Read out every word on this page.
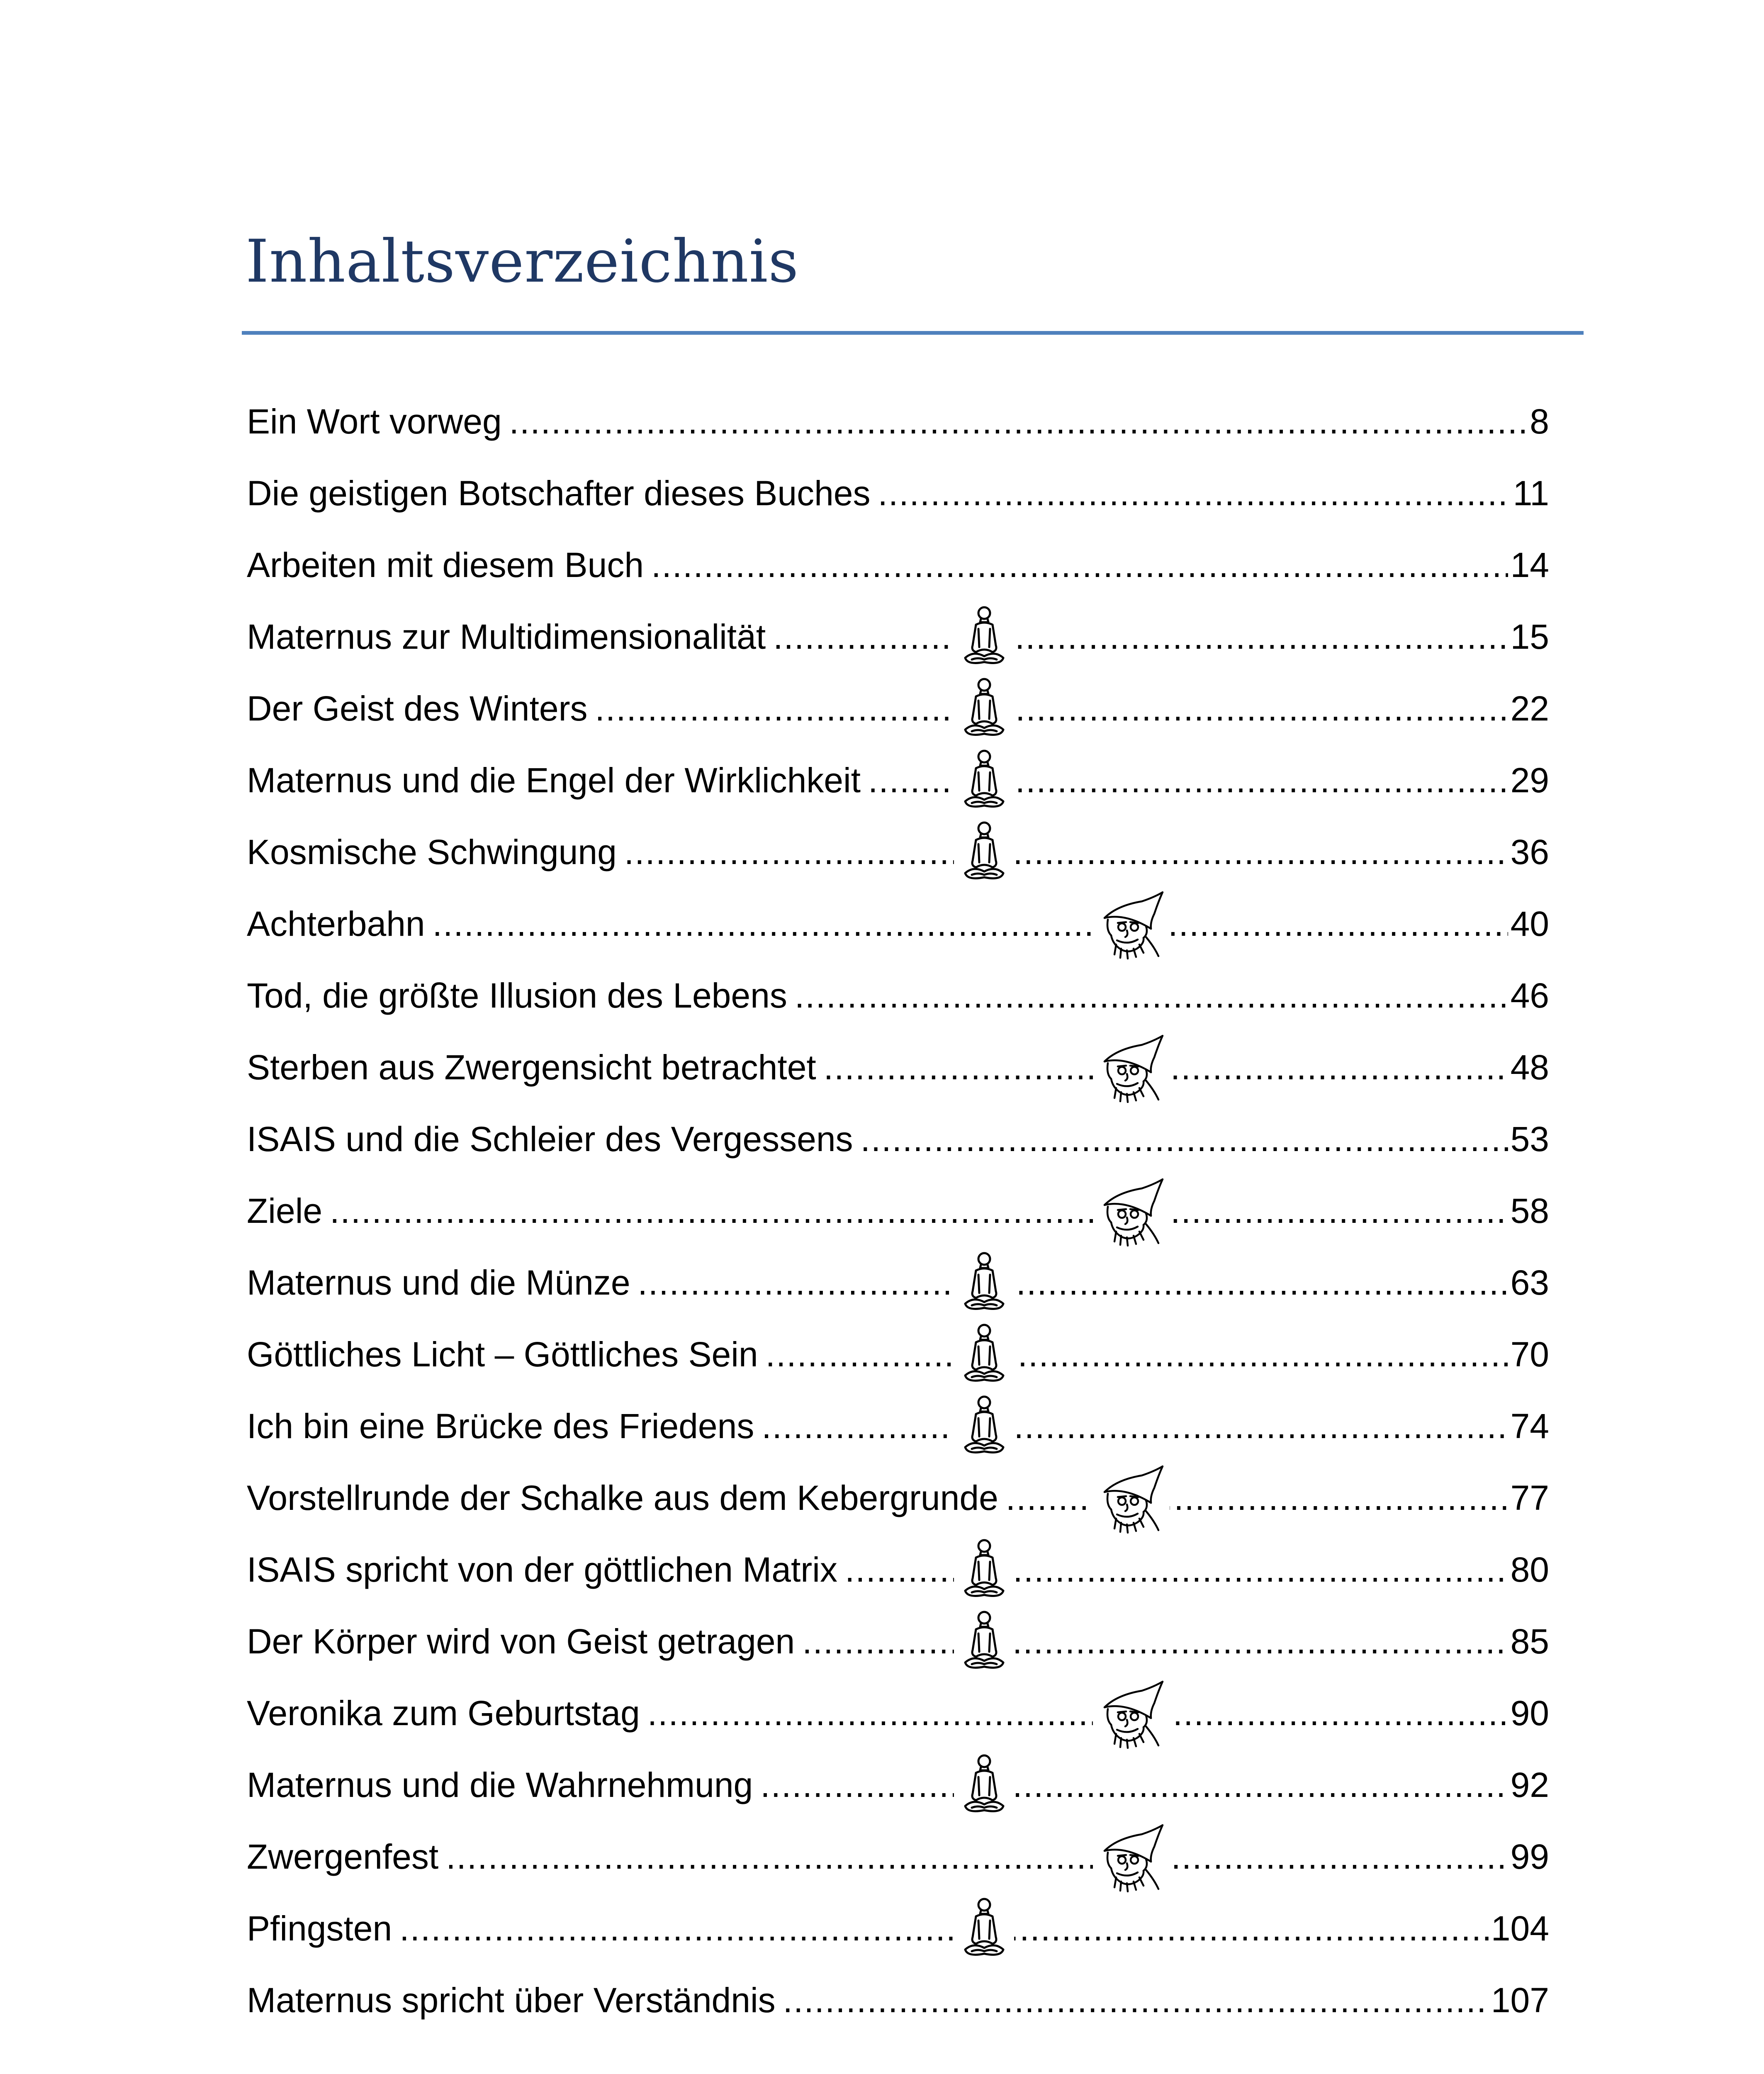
Inhaltsverzeichnis
Ein Wort vorweg .....	8
Die geistigen Botschafter dieses Buches .....	11
Arbeiten mit diesem Buch .....	14
Maternus zur Multidimensionalität .....	15
Der Geist des Winters .....	22
Maternus und die Engel der Wirklichkeit .....	29
Kosmische Schwingung .....	36
Achterbahn .....	40
Tod, die größte Illusion des Lebens .....	46
Sterben aus Zwergensicht betrachtet .....	48
ISAIS und die Schleier des Vergessens .....	53
Ziele .....	58
Maternus und die Münze .....	63
Göttliches Licht – Göttliches Sein .....	70
Ich bin eine Brücke des Friedens .....	74
Vorstellrunde der Schalke aus dem Kebergrunde .....	77
ISAIS spricht von der göttlichen Matrix .....	80
Der Körper wird von Geist getragen .....	85
Veronika zum Geburtstag .....	90
Maternus und die Wahrnehmung .....	92
Zwergenfest .....	99
Pfingsten .....	104
Maternus spricht über Verständnis .....	107
